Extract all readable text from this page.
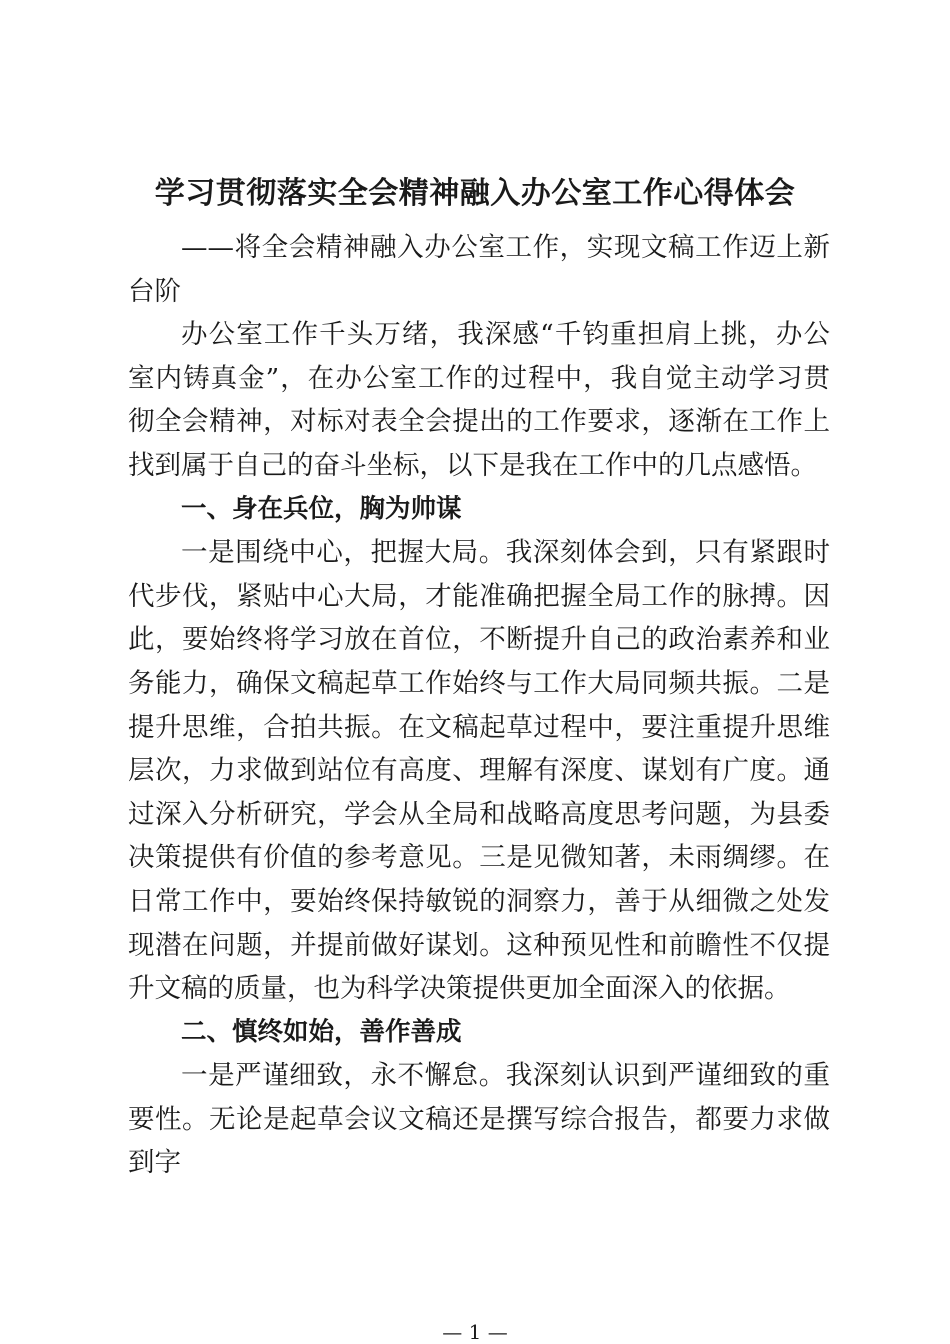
学习贯彻落实全会精神融入办公室工作心得体会

——将全会精神融入办公室工作，实现文稿工作迈上新台阶

办公室工作千头万绪，我深感“千钧重担肩上挑，办公室内铸真金”，在办公室工作的过程中，我自觉主动学习贯彻全会精神，对标对表全会提出的工作要求，逐渐在工作上找到属于自己的奋斗坐标，以下是我在工作中的几点感悟。

一、身在兵位，胸为帅谋

一是围绕中心，把握大局。我深刻体会到，只有紧跟时代步伐，紧贴中心大局，才能准确把握全局工作的脉搏。因此，要始终将学习放在首位，不断提升自己的政治素养和业务能力，确保文稿起草工作始终与工作大局同频共振。二是提升思维，合拍共振。在文稿起草过程中，要注重提升思维层次，力求做到站位有高度、理解有深度、谋划有广度。通过深入分析研究，学会从全局和战略高度思考问题，为县委决策提供有价值的参考意见。三是见微知著，未雨绸缪。在日常工作中，要始终保持敏锐的洞察力，善于从细微之处发现潜在问题，并提前做好谋划。这种预见性和前瞻性不仅提升文稿的质量，也为科学决策提供更加全面深入的依据。

二、慎终如始，善作善成

一是严谨细致，永不懈怠。我深刻认识到严谨细致的重要性。无论是起草会议文稿还是撰写综合报告，都要力求做到字

— 1 —
